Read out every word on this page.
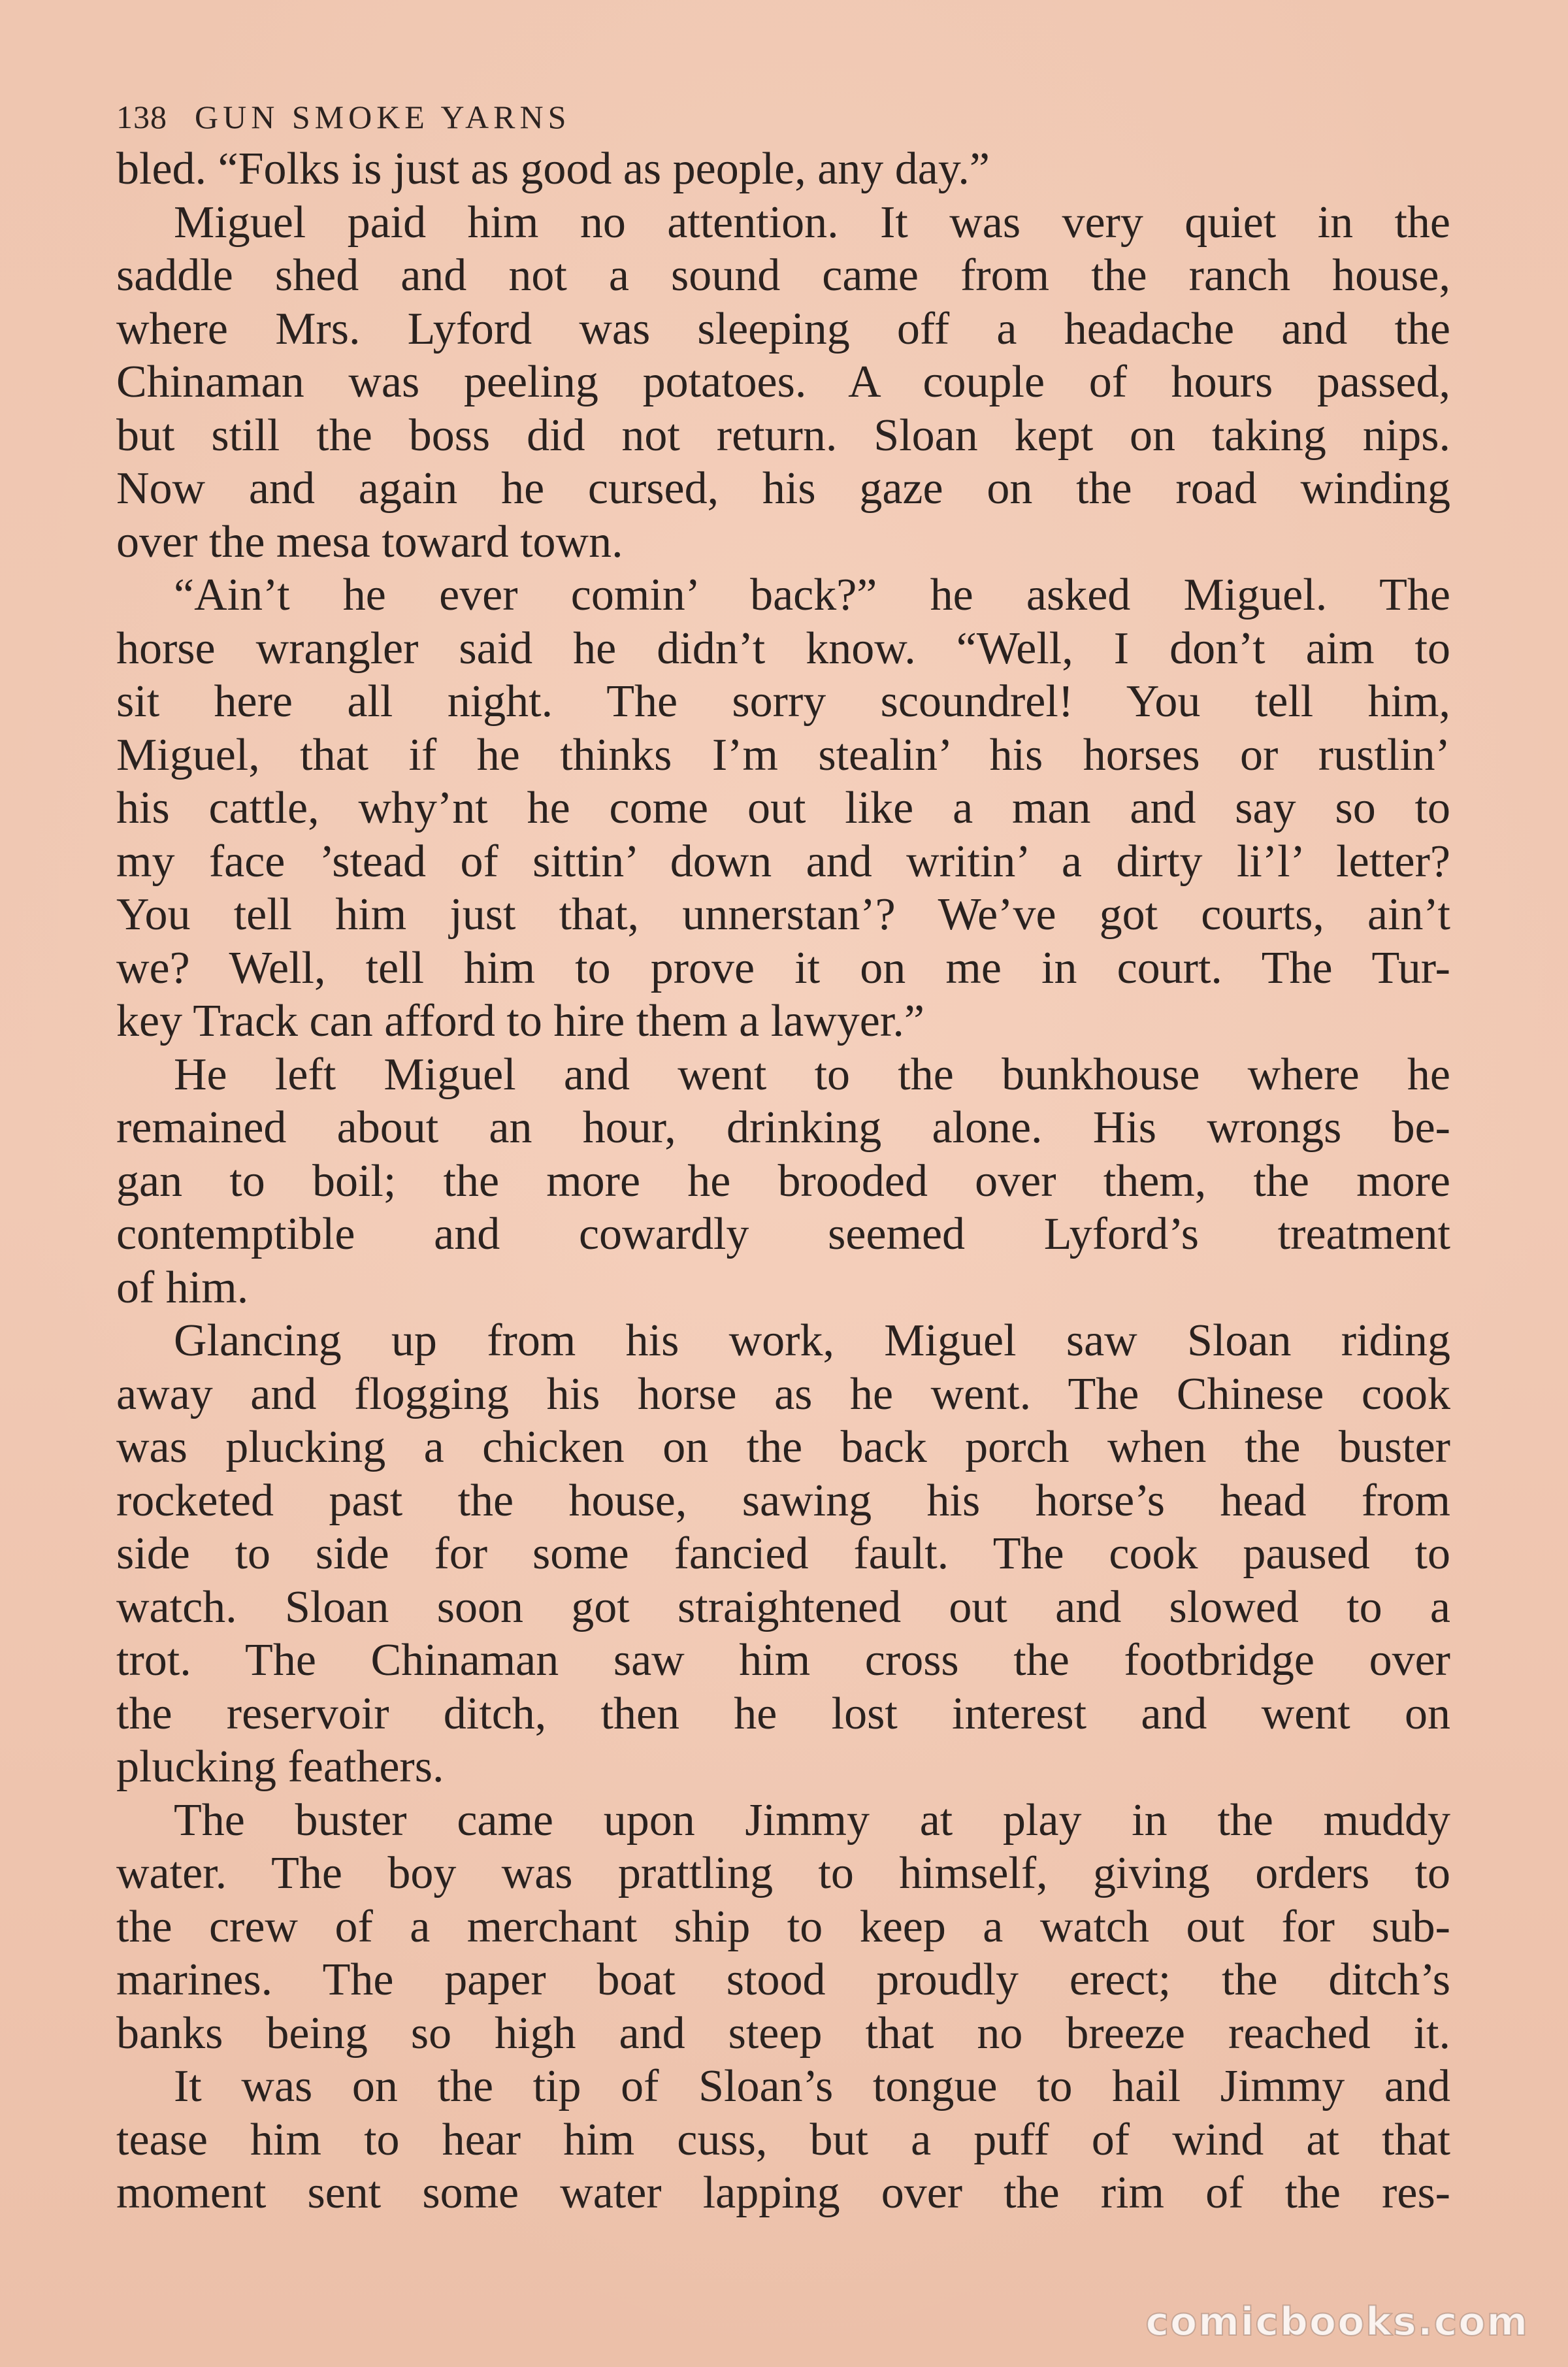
138 GUN SMOKE YARNS
bled. “Folks is just as good as people, any day.”
Miguel paid him no attention. It was very quiet in the
saddle shed and not a sound came from the ranch house,
where Mrs. Lyford was sleeping off a headache and the
Chinaman was peeling potatoes. A couple of hours passed,
but still the boss did not return. Sloan kept on taking nips.
Now and again he cursed, his gaze on the road winding
over the mesa toward town.
“Ain’t he ever comin’ back?” he asked Miguel. The
horse wrangler said he didn’t know. “Well, I don’t aim to
sit here all night. The sorry scoundrel! You tell him,
Miguel, that if he thinks I’m stealin’ his horses or rustlin’
his cattle, why’nt he come out like a man and say so to
my face ’stead of sittin’ down and writin’ a dirty li’l’ letter?
You tell him just that, unnerstan’? We’ve got courts, ain’t
we? Well, tell him to prove it on me in court. The Tur-
key Track can afford to hire them a lawyer.”
He left Miguel and went to the bunkhouse where he
remained about an hour, drinking alone. His wrongs be-
gan to boil; the more he brooded over them, the more
contemptible and cowardly seemed Lyford’s treatment
of him.
Glancing up from his work, Miguel saw Sloan riding
away and flogging his horse as he went. The Chinese cook
was plucking a chicken on the back porch when the buster
rocketed past the house, sawing his horse’s head from
side to side for some fancied fault. The cook paused to
watch. Sloan soon got straightened out and slowed to a
trot. The Chinaman saw him cross the footbridge over
the reservoir ditch, then he lost interest and went on
plucking feathers.
The buster came upon Jimmy at play in the muddy
water. The boy was prattling to himself, giving orders to
the crew of a merchant ship to keep a watch out for sub-
marines. The paper boat stood proudly erect; the ditch’s
banks being so high and steep that no breeze reached it.
It was on the tip of Sloan’s tongue to hail Jimmy and
tease him to hear him cuss, but a puff of wind at that
moment sent some water lapping over the rim of the res-
comicbooks.com
